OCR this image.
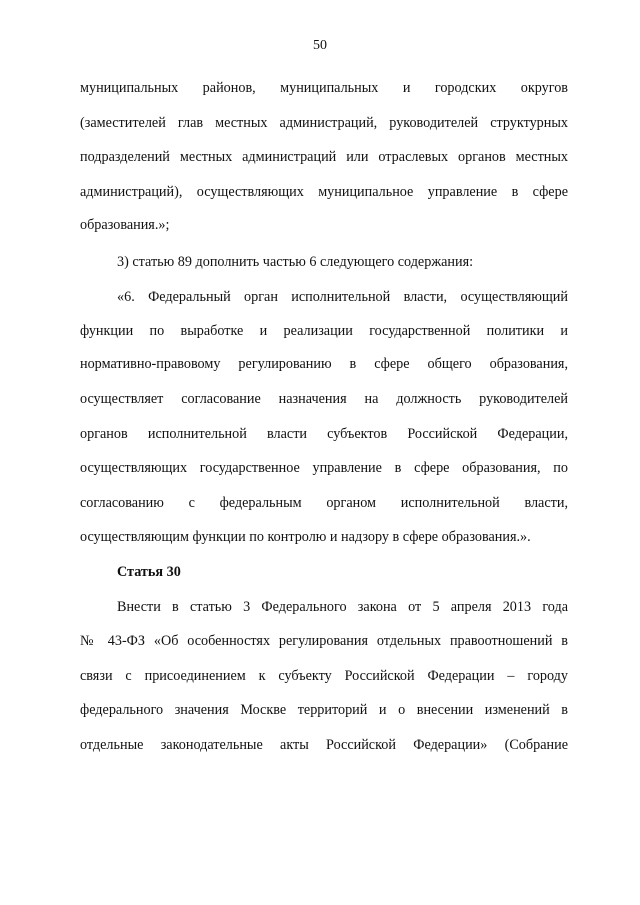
50
муниципальных районов, муниципальных и городских округов
(заместителей глав местных администраций, руководителей структурных
подразделений местных администраций или отраслевых органов местных
администраций), осуществляющих муниципальное управление в сфере
образования.»;
3) статью 89 дополнить частью 6 следующего содержания:
«6. Федеральный орган исполнительной власти, осуществляющий
функции по выработке и реализации государственной политики и
нормативно-правовому регулированию в сфере общего образования,
осуществляет согласование назначения на должность руководителей
органов исполнительной власти субъектов Российской Федерации,
осуществляющих государственное управление в сфере образования, по
согласованию с федеральным органом исполнительной власти,
осуществляющим функции по контролю и надзору в сфере образования.».
Статья 30
Внести в статью 3 Федерального закона от 5 апреля 2013 года
№ 43-ФЗ «Об особенностях регулирования отдельных правоотношений в
связи с присоединением к субъекту Российской Федерации – городу
федерального значения Москве территорий и о внесении изменений в
отдельные законодательные акты Российской Федерации» (Собрание
